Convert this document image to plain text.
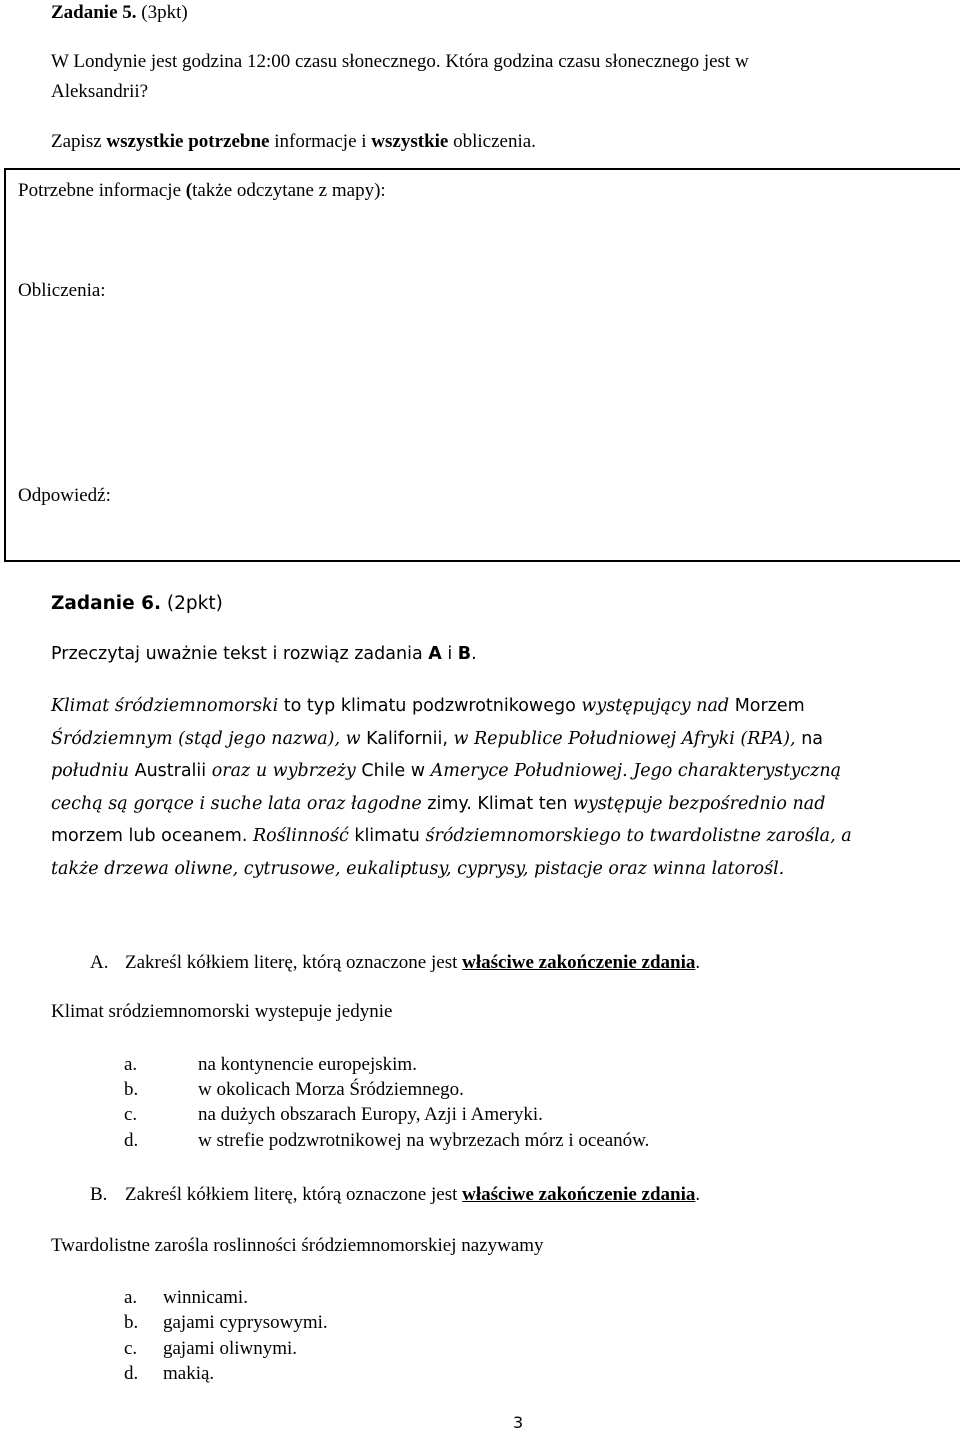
Zadanie 5. (3pkt)
W Londynie jest godzina 12:00 czasu słonecznego. Która godzina czasu słonecznego jest w
Aleksandrii?
Zapisz wszystkie potrzebne informacje i wszystkie obliczenia.
Potrzebne informacje (także odczytane z mapy):
Obliczenia:
Odpowiedź:
Zadanie 6. (2pkt)
Przeczytaj uważnie tekst i rozwiąz zadania A i B.
Klimat śródziemnomorski to typ klimatu podzwrotnikowego występujący nad Morzem
Śródziemnym (stąd jego nazwa), w Kalifornii, w Republice Południowej Afryki (RPA), na
południu Australii oraz u wybrzeży Chile w Ameryce Południowej. Jego charakterystyczną
cechą są gorące i suche lata oraz łagodne zimy. Klimat ten występuje bezpośrednio nad
morzem lub oceanem. Roślinność klimatu śródziemnomorskiego to twardolistne zarośla, a
także drzewa oliwne, cytrusowe, eukaliptusy, cyprysy, pistacje oraz winna latorośl.
A. Zakreśl kółkiem literę, którą oznaczone jest właściwe zakończenie zdania.
Klimat sródziemnomorski wystepuje jedynie
a.	na kontynencie europejskim.
b.	w okolicach Morza Śródziemnego.
c.	na dużych obszarach Europy, Azji i Ameryki.
d.	w strefie podzwrotnikowej na wybrzezach mórz i oceanów.
B. Zakreśl kółkiem literę, którą oznaczone jest właściwe zakończenie zdania.
Twardolistne zarośla roslinności śródziemnomorskiej nazywamy
a. winnicami.
b. gajami cyprysowymi.
c. gajami oliwnymi.
d. makią.
3
